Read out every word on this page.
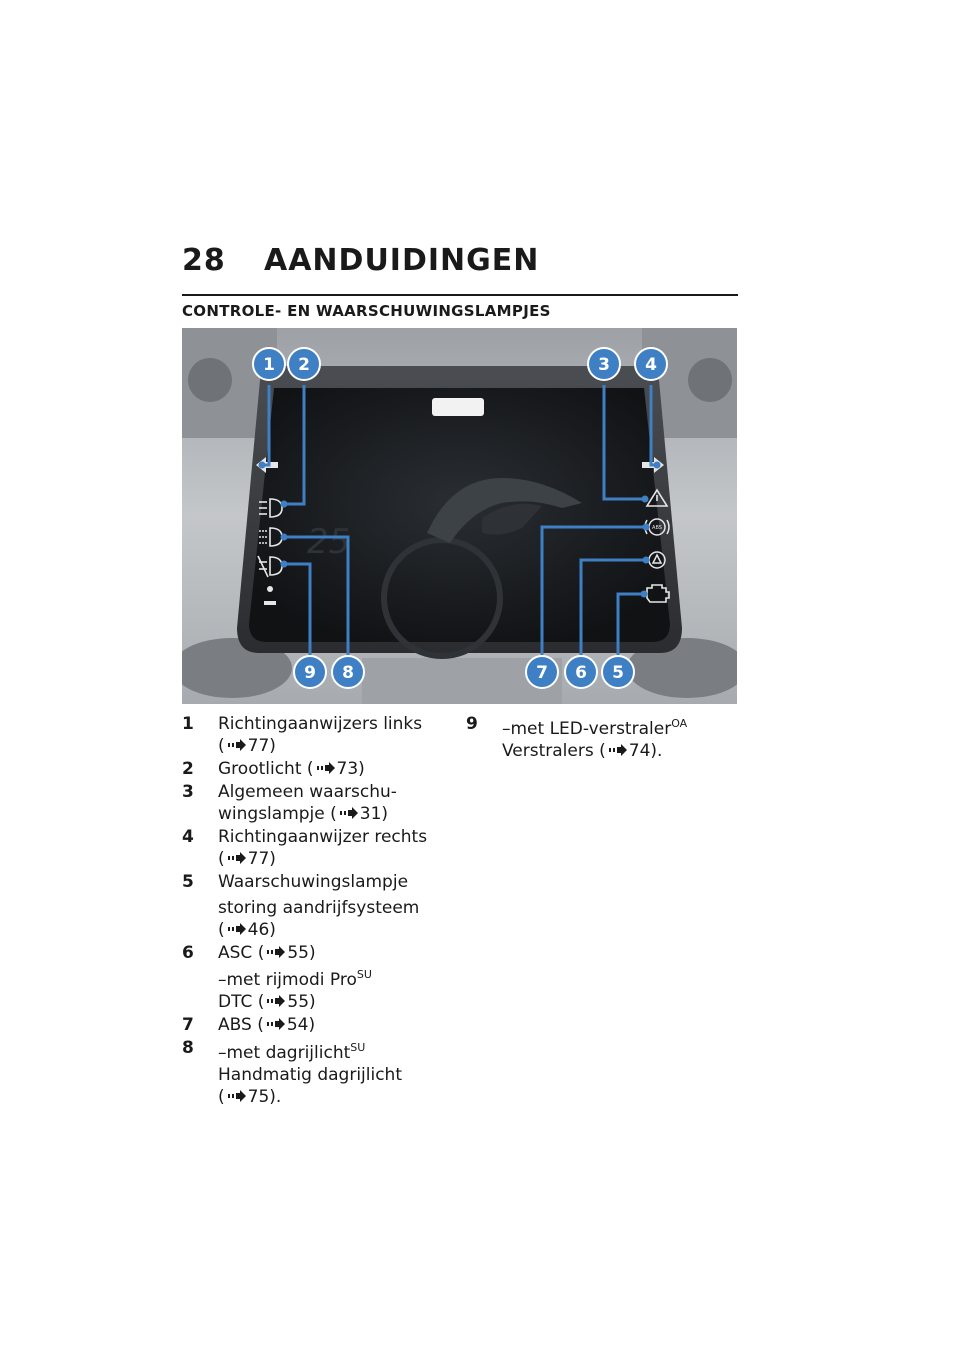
28 AANDUIDINGEN
CONTROLE- EN WAARSCHUWINGSLAMPJES
25	ABS
1 2	3 4
5
6
7
8
9
1 Richtingaanwijzers links
( 77)
2 Grootlicht ( 73)
3 Algemeen waarschu-
wingslampje ( 31)
4 Richtingaanwijzer rechts
( 77)
5 Waarschuwingslampje
storing aandrijfsysteem
( 46)
6 ASC ( 55)
–met rijmodi Pro$^{SU}$
DTC ( 55)
7 ABS ( 54)
8 –met dagrijlicht$^{SU}$
Handmatig dagrijlicht
( 75).
9 –met LED-verstraler$^{OA}$
Verstralers ( 74).
